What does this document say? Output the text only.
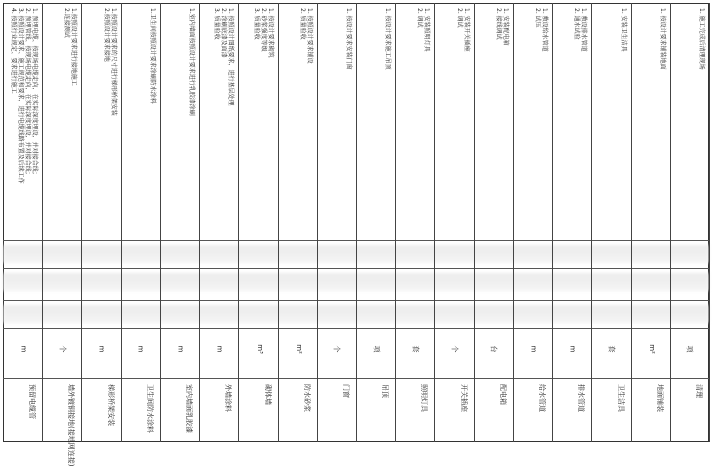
1. 预埋电缆、按现场电缆走向，在实际深度埋设，并对接合线；
2. 预埋管线、按现场电缆走向，在实际深度埋设，并对接合线；
3. 按照设计要求、施工规范和要求，进行电缆线路布置及后续工作
4. 按照行业规定、要求进行施工
m
预留电缆管
1.按照设计要求进行接地施工
2.连接测试
个
墙外镀铜接地(接地网连接)
1.按照设计要求的尺寸进行梯形桥架安装
2.按照设计要求接地
m
梯形桥架安装
1.卫生间按照设计要求涂刷防水涂料
m
卫生间防水涂料
1.室内墙面按照设计要求进行乳胶漆涂刷
m
室内墙面乳胶漆
1. 按照设计图纸要求，进行基层处理
2. 涂刷底漆及面漆
3. 质量验收
m
外墙涂料
1. 按设计要求砌筑
2. 砂浆强度等级
3. 质量验收
m³
砌体墙
1. 按照设计要求铺设
2. 质量验收
m²
防水砂浆
1. 按设计要求安装门窗
个
门窗
1. 按设计要求施工吊顶
项
吊顶
1. 安装照明灯具
2. 调试
套
照明灯具
1. 安装开关插座
2. 调试
个
开关插座
1. 安装配电箱
2. 接线调试
台
配电箱
1. 敷设给水管道
2. 试压
m
给水管道
1. 敷设排水管道
2. 通水试验
m
排水管道
1. 安装卫生洁具
套
卫生洁具
1. 按设计要求铺装地面
m²
地面铺装
1. 施工完成后清理现场
项
清理
